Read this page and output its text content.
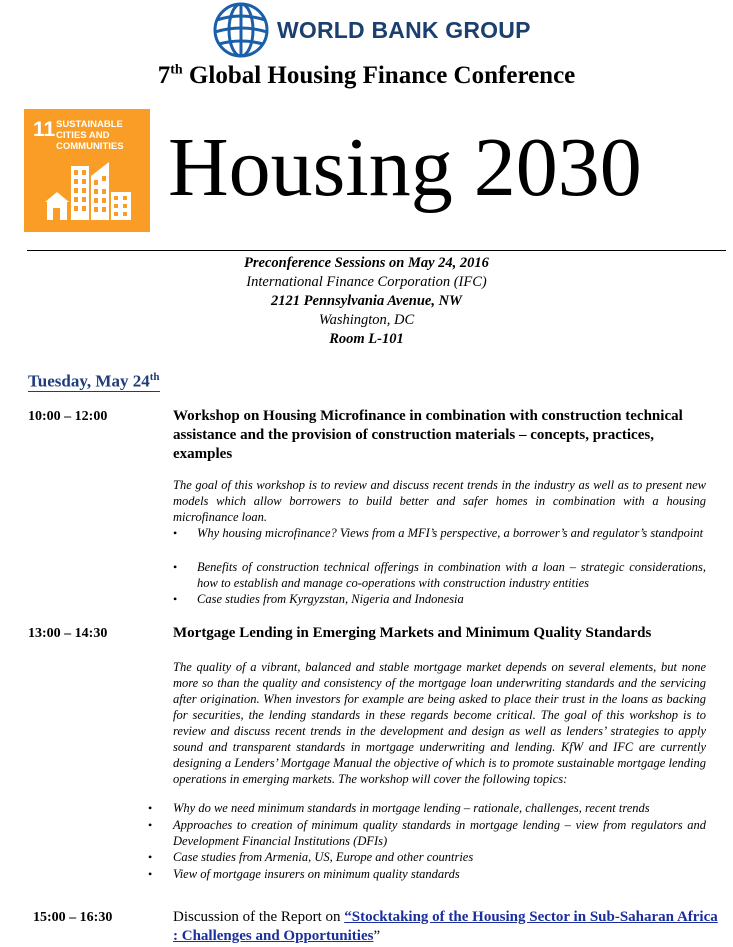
WORLD BANK GROUP
7th Global Housing Finance Conference
11 SUSTAINABLE CITIES AND COMMUNITIES Housing 2030
Preconference Sessions on May 24, 2016
International Finance Corporation (IFC)
2121 Pennsylvania Avenue, NW
Washington, DC
Room L-101
Tuesday, May 24th
10:00 – 12:00	Workshop on Housing Microfinance in combination with construction technical assistance and the provision of construction materials – concepts, practices, examples
The goal of this workshop is to review and discuss recent trends in the industry as well as to present new models which allow borrowers to build better and safer homes in combination with a housing microfinance loan.
• Why housing microfinance? Views from a MFI’s perspective, a borrower’s and regulator’s standpoint
• Benefits of construction technical offerings in combination with a loan – strategic considerations, how to establish and manage co-operations with construction industry entities
• Case studies from Kyrgyzstan, Nigeria and Indonesia
13:00 – 14:30	Mortgage Lending in Emerging Markets and Minimum Quality Standards
The quality of a vibrant, balanced and stable mortgage market depends on several elements, but none more so than the quality and consistency of the mortgage loan underwriting standards and the servicing after origination. When investors for example are being asked to place their trust in the loans as backing for securities, the lending standards in these regards become critical. The goal of this workshop is to review and discuss recent trends in the development and design as well as lenders’ strategies to apply sound and transparent standards in mortgage underwriting and lending. KfW and IFC are currently designing a Lenders’ Mortgage Manual the objective of which is to promote sustainable mortgage lending operations in emerging markets. The workshop will cover the following topics:
• Why do we need minimum standards in mortgage lending – rationale, challenges, recent trends
• Approaches to creation of minimum quality standards in mortgage lending – view from regulators and Development Financial Institutions (DFIs)
• Case studies from Armenia, US, Europe and other countries
• View of mortgage insurers on minimum quality standards
15:00 – 16:30	Discussion of the Report on “Stocktaking of the Housing Sector in Sub-Saharan Africa : Challenges and Opportunities”
